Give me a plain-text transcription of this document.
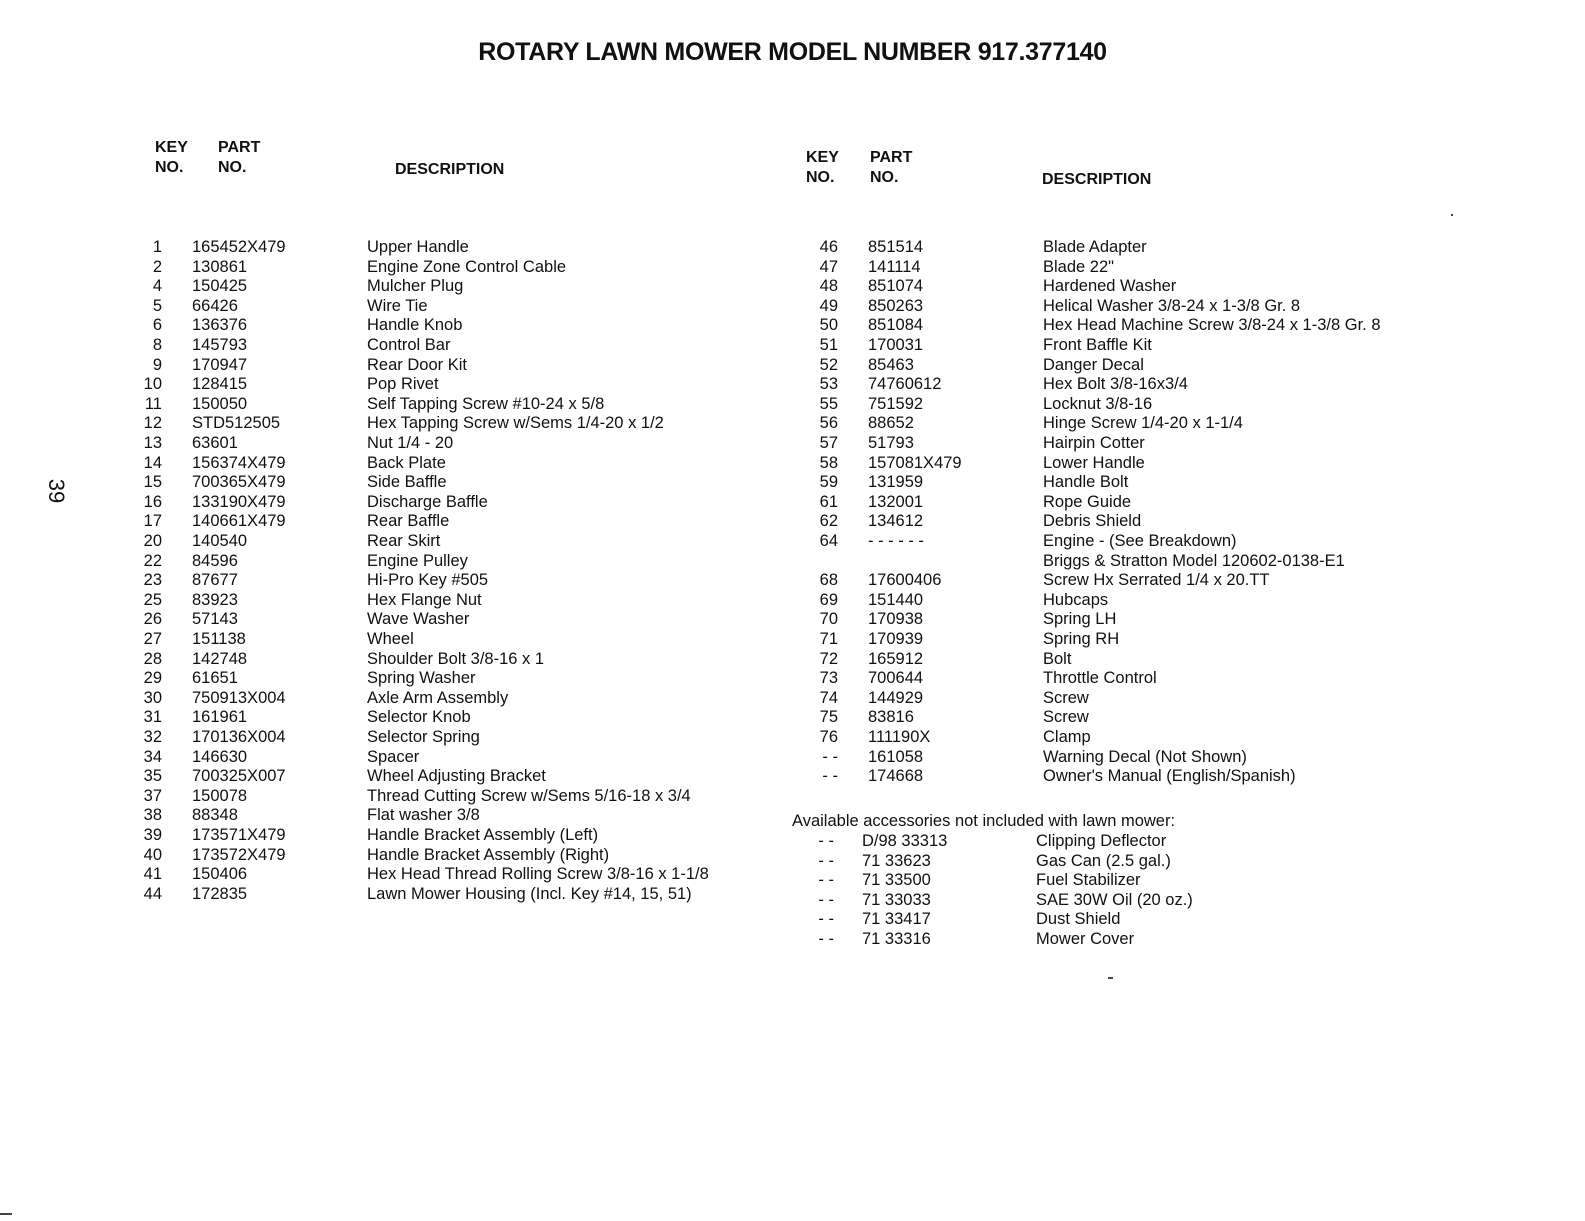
ROTARY LAWN MOWER MODEL NUMBER 917.377140
39
KEY
NO.
PART
NO.	DESCRIPTION
KEY
NO.
PART
NO.	DESCRIPTION
1 165452X479	Upper Handle
2 130861	Engine Zone Control Cable
4 150425	Mulcher Plug
5 66426	Wire Tie
6 136376	Handle Knob
8 145793	Control Bar
9 170947	Rear Door Kit
10 128415	Pop Rivet
11 150050	Self Tapping Screw #10-24 x 5/8
12 STD512505	Hex Tapping Screw w/Sems 1/4-20 x 1/2
13 63601	Nut 1/4 - 20
14 156374X479	Back Plate
15 700365X479	Side Baffle
16 133190X479	Discharge Baffle
17 140661X479	Rear Baffle
20 140540	Rear Skirt
22 84596	Engine Pulley
23 87677	Hi-Pro Key #505
25 83923	Hex Flange Nut
26 57143	Wave Washer
27 151138	Wheel
28 142748	Shoulder Bolt 3/8-16 x 1
29 61651	Spring Washer
30 750913X004	Axle Arm Assembly
31 161961	Selector Knob
32 170136X004	Selector Spring
34 146630	Spacer
35 700325X007	Wheel Adjusting Bracket
37 150078	Thread Cutting Screw w/Sems 5/16-18 x 3/4
38 88348	Flat washer 3/8
39 173571X479	Handle Bracket Assembly (Left)
40 173572X479	Handle Bracket Assembly (Right)
41 150406	Hex Head Thread Rolling Screw 3/8-16 x 1-1/8
44 172835	Lawn Mower Housing (Incl. Key #14, 15, 51)
46 851514	Blade Adapter
47 141114	Blade 22"
48 851074	Hardened Washer
49 850263	Helical Washer 3/8-24 x 1-3/8 Gr. 8
50 851084	Hex Head Machine Screw 3/8-24 x 1-3/8 Gr. 8
51 170031	Front Baffle Kit
52 85463	Danger Decal
53 74760612	Hex Bolt 3/8-16x3/4
55 751592	Locknut 3/8-16
56 88652	Hinge Screw 1/4-20 x 1-1/4
57 51793	Hairpin Cotter
58 157081X479	Lower Handle
59 131959	Handle Bolt
61 132001	Rope Guide
62 134612	Debris Shield
64 - - - - - -	Engine - (See Breakdown)
Briggs & Stratton Model 120602-0138-E1
68 17600406	Screw Hx Serrated 1/4 x 20.TT
69 151440	Hubcaps
70 170938	Spring LH
71 170939	Spring RH
72 165912	Bolt
73 700644	Throttle Control
74 144929	Screw
75 83816	Screw
76 111190X	Clamp
- - 161058	Warning Decal (Not Shown)
- - 174668	Owner's Manual (English/Spanish)
Available accessories not included with lawn mower:
- - D/98 33313	Clipping Deflector
- - 71 33623	Gas Can (2.5 gal.)
- - 71 33500	Fuel Stabilizer
- - 71 33033	SAE 30W Oil (20 oz.)
- - 71 33417	Dust Shield
- - 71 33316	Mower Cover
